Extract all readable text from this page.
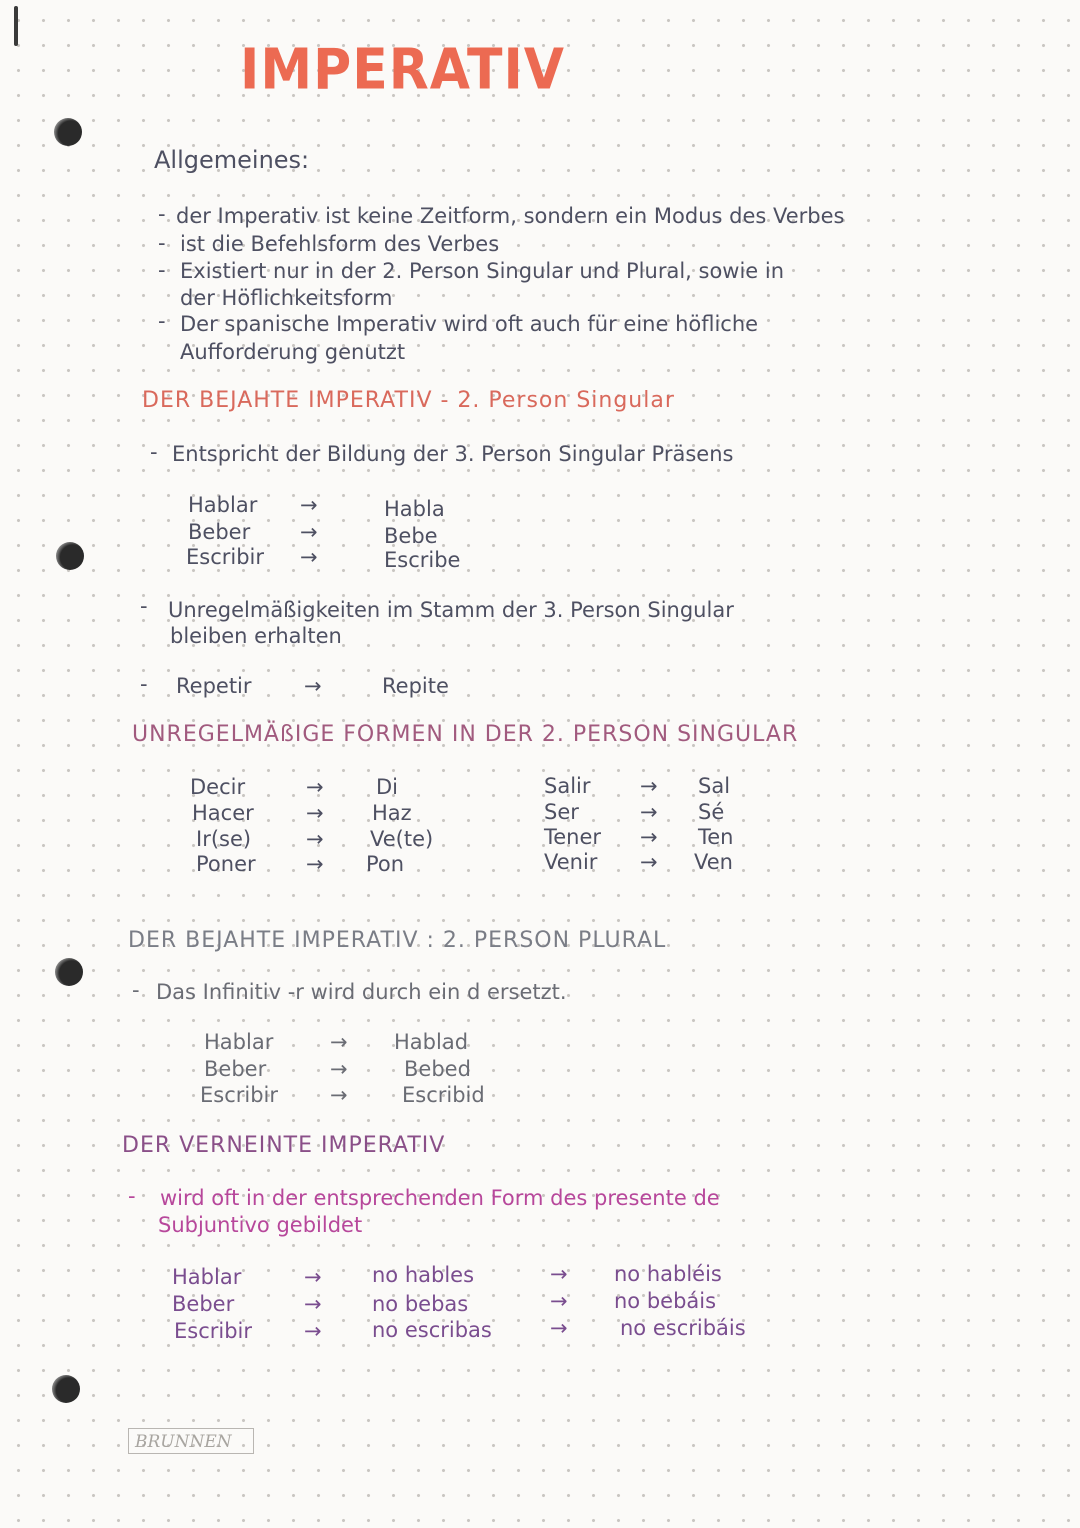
IMPERATIV
Allgemeines:
- der Imperativ ist keine Zeitform, sondern ein Modus des Verbes
- ist die Befehlsform des Verbes
- Existiert nur in der 2. Person Singular und Plural, sowie in
der Höflichkeitsform
- Der spanische Imperativ wird oft auch für eine höfliche
Aufforderung genutzt
DER BEJAHTE IMPERATIV - 2. Person Singular
- Entspricht der Bildung der 3. Person Singular Präsens
Hablar →	Habla
Beber →	Bebe
Escribir →	Escribe
- Unregelmäßigkeiten im Stamm der 3. Person Singular
bleiben erhalten
- Repetir →	Repite
UNREGELMÄßIGE FORMEN IN DER 2. PERSON SINGULAR
Decir	→ Di
Hacer → Haz
Ir(se)	→ Ve(te)
Poner → Pon
Salir → Sal
Ser	→ Sé
Tener → Ten
Venir → Ven
DER BEJAHTE IMPERATIV : 2. PERSON PLURAL
- Das Infinitiv -r wird durch ein d ersetzt.
Hablar	→ Hablad
Beber	→	Bebed
Escribir →	Escribid
DER VERNEINTE IMPERATIV
- wird oft in der entsprechenden Form des presente de
Subjuntivo gebildet
Hablar	→ no hables	→ no habléis
Beber	→ no bebas	→ no bebáis
Escribir → no escribas	→ no escribáis
BRUNNEN
